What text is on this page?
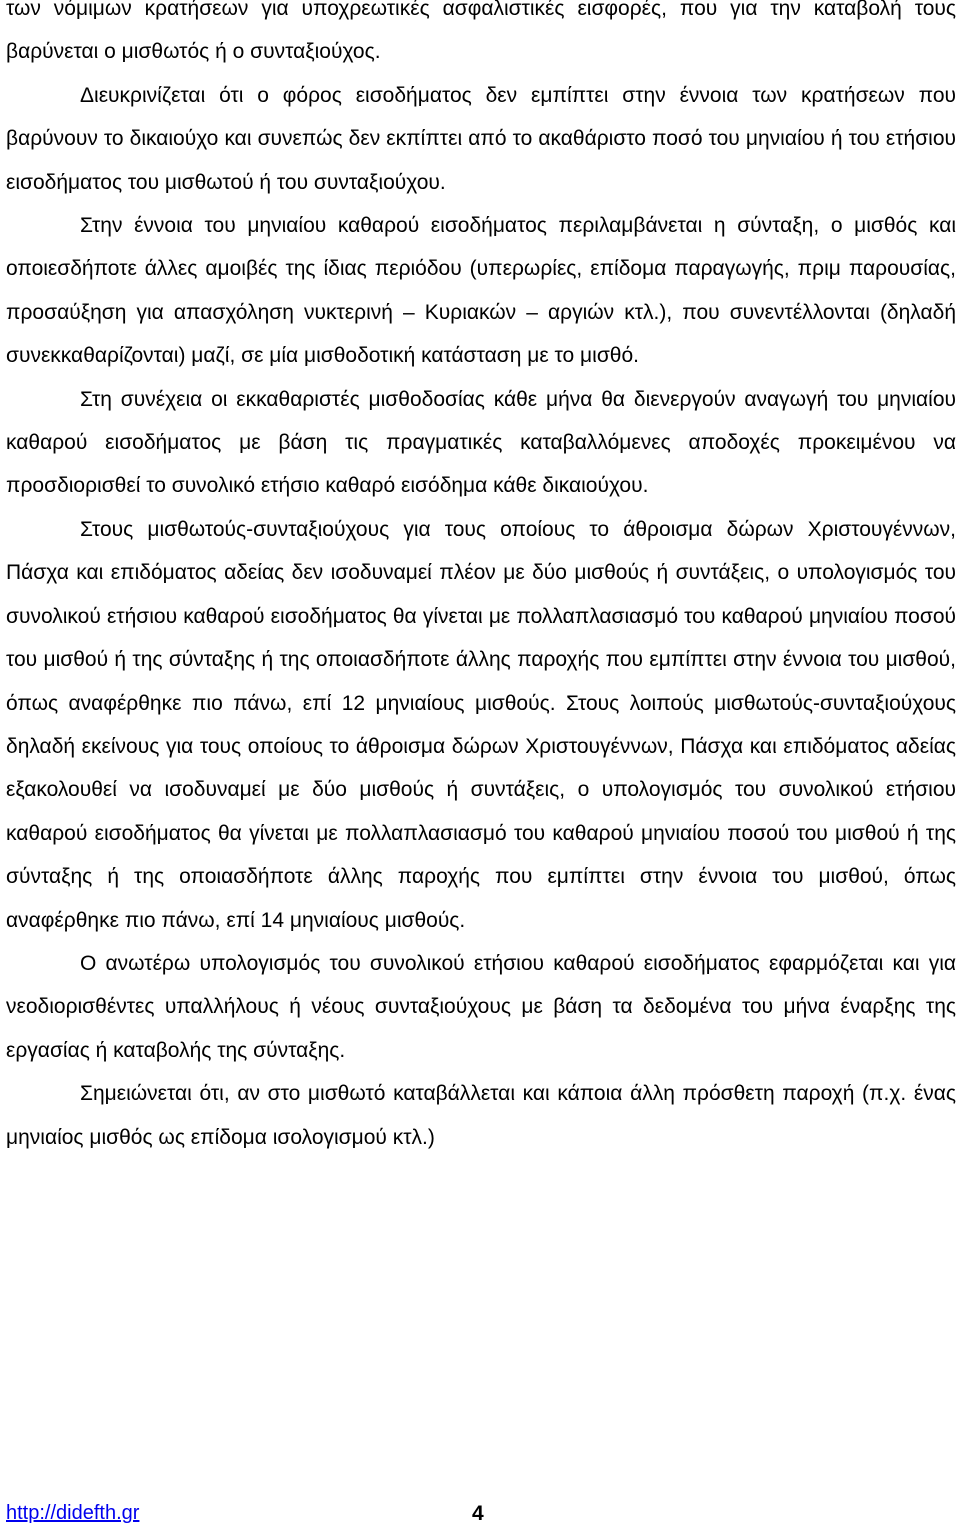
των νόμιμων κρατήσεων για υποχρεωτικές ασφαλιστικές εισφορές, που για την καταβολή τους βαρύνεται ο μισθωτός ή ο συνταξιούχος.

Διευκρινίζεται ότι ο φόρος εισοδήματος δεν εμπίπτει στην έννοια των κρατήσεων που βαρύνουν το δικαιούχο και συνεπώς δεν εκπίπτει από το ακαθάριστο ποσό του μηνιαίου ή του ετήσιου εισοδήματος του μισθωτού ή του συνταξιούχου.

Στην έννοια του μηνιαίου καθαρού εισοδήματος περιλαμβάνεται η σύνταξη, ο μισθός και οποιεσδήποτε άλλες αμοιβές της ίδιας περιόδου (υπερωρίες, επίδομα παραγωγής, πριμ παρουσίας, προσαύξηση για απασχόληση νυκτερινή – Κυριακών – αργιών κτλ.), που συνεντέλλονται (δηλαδή συνεκκαθαρίζονται) μαζί, σε μία μισθοδοτική κατάσταση με το μισθό.

Στη συνέχεια οι εκκαθαριστές μισθοδοσίας κάθε μήνα θα διενεργούν αναγωγή του μηνιαίου καθαρού εισοδήματος με βάση τις πραγματικές καταβαλλόμενες αποδοχές προκειμένου να προσδιορισθεί το συνολικό ετήσιο καθαρό εισόδημα κάθε δικαιούχου.

Στους μισθωτούς-συνταξιούχους για τους οποίους το άθροισμα δώρων Χριστουγέννων, Πάσχα και επιδόματος αδείας δεν ισοδυναμεί πλέον με δύο μισθούς ή συντάξεις, ο υπολογισμός του συνολικού ετήσιου καθαρού εισοδήματος θα γίνεται με πολλαπλασιασμό του καθαρού μηνιαίου ποσού του μισθού ή της σύνταξης ή της οποιασδήποτε άλλης παροχής που εμπίπτει στην έννοια του μισθού, όπως αναφέρθηκε πιο πάνω, επί 12 μηνιαίους μισθούς. Στους λοιπούς μισθωτούς-συνταξιούχους δηλαδή εκείνους για τους οποίους το άθροισμα δώρων Χριστουγέννων, Πάσχα και επιδόματος αδείας εξακολουθεί να ισοδυναμεί με δύο μισθούς ή συντάξεις, ο υπολογισμός του συνολικού ετήσιου καθαρού εισοδήματος θα γίνεται με πολλαπλασιασμό του καθαρού μηνιαίου ποσού του μισθού ή της σύνταξης ή της οποιασδήποτε άλλης παροχής που εμπίπτει στην έννοια του μισθού, όπως αναφέρθηκε πιο πάνω, επί 14 μηνιαίους μισθούς.

Ο ανωτέρω υπολογισμός του συνολικού ετήσιου καθαρού εισοδήματος εφαρμόζεται και για νεοδιορισθέντες υπαλλήλους ή νέους συνταξιούχους με βάση τα δεδομένα του μήνα έναρξης της εργασίας ή καταβολής της σύνταξης.

Σημειώνεται ότι, αν στο μισθωτό καταβάλλεται και κάποια άλλη πρόσθετη παροχή (π.χ. ένας μηνιαίος μισθός ως επίδομα ισολογισμού κτλ.)

http://didefth.gr	4
